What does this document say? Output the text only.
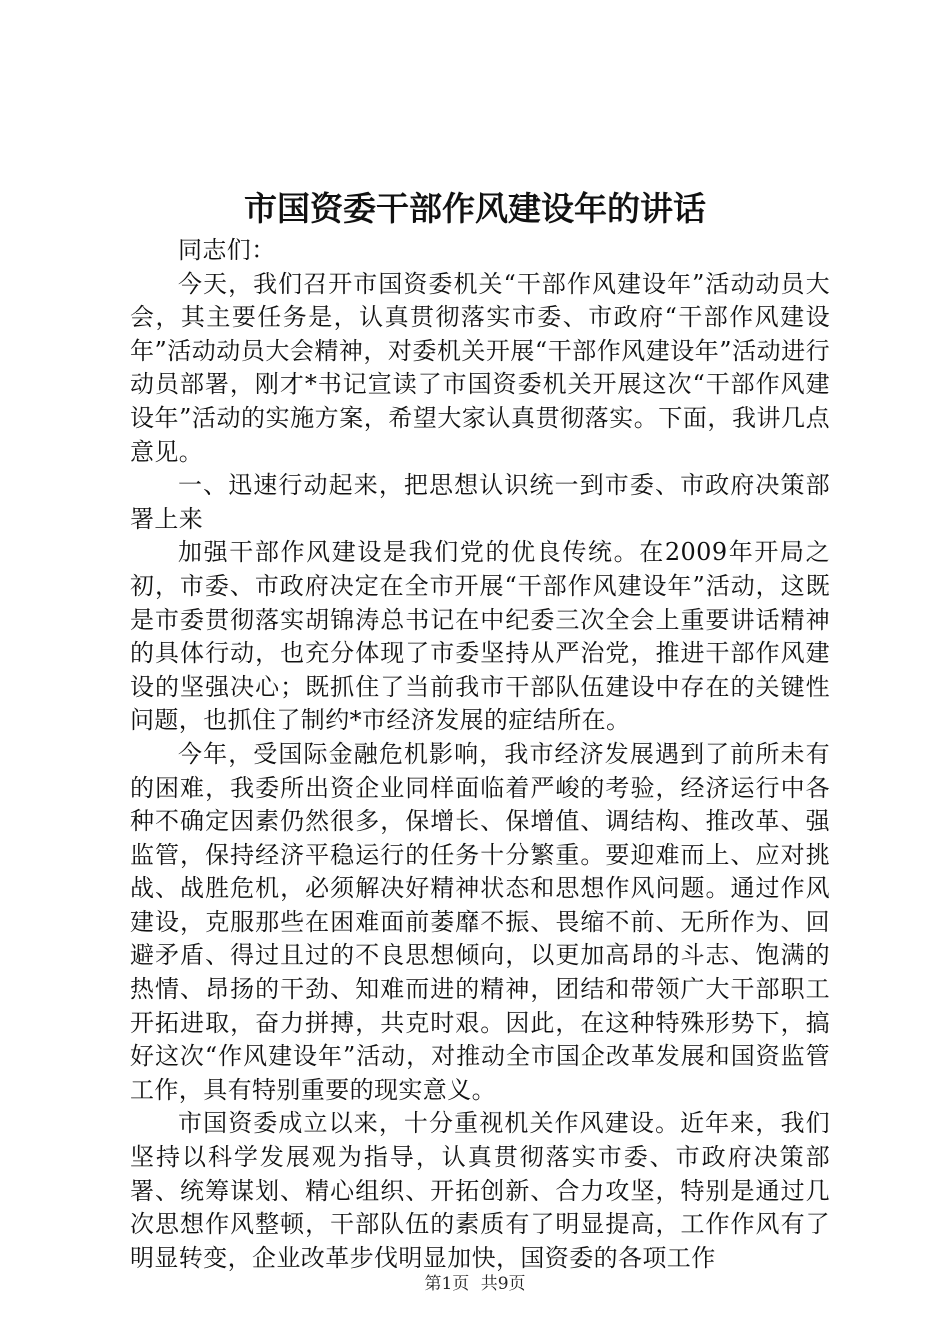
市国资委干部作风建设年的讲话

同志们：

今天，我们召开市国资委机关“干部作风建设年”活动动员大会，其主要任务是，认真贯彻落实市委、市政府“干部作风建设年”活动动员大会精神，对委机关开展“干部作风建设年”活动进行动员部署，刚才*书记宣读了市国资委机关开展这次“干部作风建设年”活动的实施方案，希望大家认真贯彻落实。下面，我讲几点意见。

一、迅速行动起来，把思想认识统一到市委、市政府决策部署上来

加强干部作风建设是我们党的优良传统。在2009年开局之初，市委、市政府决定在全市开展“干部作风建设年”活动，这既是市委贯彻落实胡锦涛总书记在中纪委三次全会上重要讲话精神的具体行动，也充分体现了市委坚持从严治党，推进干部作风建设的坚强决心；既抓住了当前我市干部队伍建设中存在的关键性问题，也抓住了制约*市经济发展的症结所在。

今年，受国际金融危机影响，我市经济发展遇到了前所未有的困难，我委所出资企业同样面临着严峻的考验，经济运行中各种不确定因素仍然很多，保增长、保增值、调结构、推改革、强监管，保持经济平稳运行的任务十分繁重。要迎难而上、应对挑战、战胜危机，必须解决好精神状态和思想作风问题。通过作风建设，克服那些在困难面前萎靡不振、畏缩不前、无所作为、回避矛盾、得过且过的不良思想倾向，以更加高昂的斗志、饱满的热情、昂扬的干劲、知难而进的精神，团结和带领广大干部职工开拓进取，奋力拼搏，共克时艰。因此，在这种特殊形势下，搞好这次“作风建设年”活动，对推动全市国企改革发展和国资监管工作，具有特别重要的现实意义。

市国资委成立以来，十分重视机关作风建设。近年来，我们坚持以科学发展观为指导，认真贯彻落实市委、市政府决策部署、统筹谋划、精心组织、开拓创新、合力攻坚，特别是通过几次思想作风整顿，干部队伍的素质有了明显提高，工作作风有了明显转变，企业改革步伐明显加快，国资委的各项工作

第1页 共9页
